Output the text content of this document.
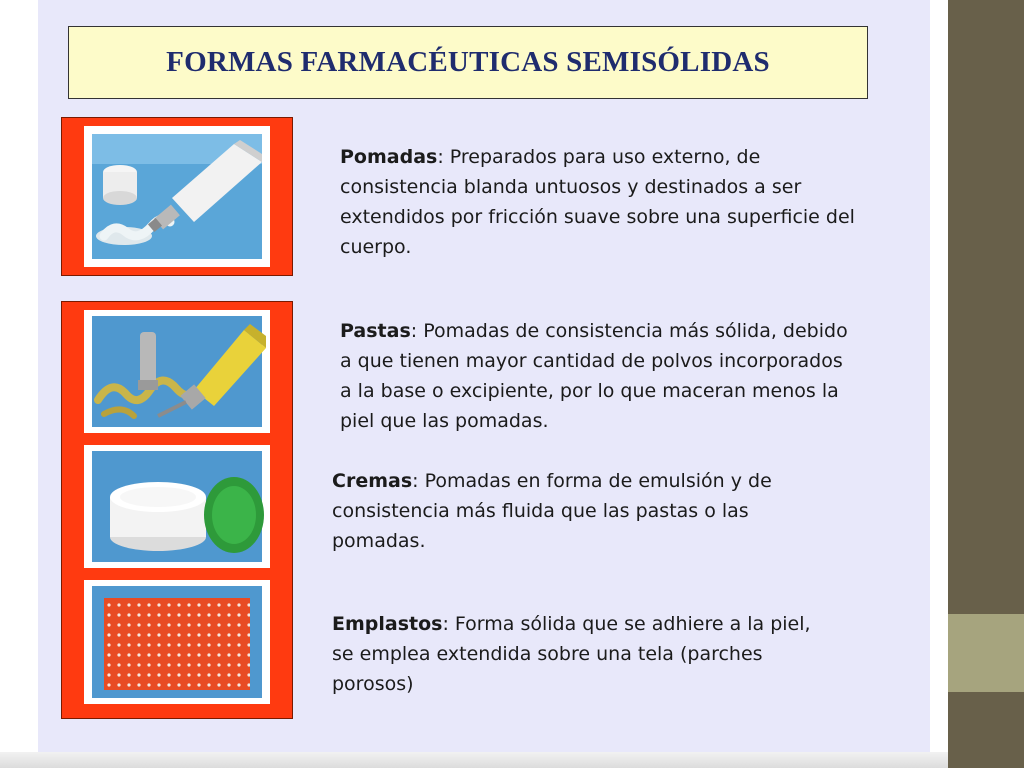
FORMAS FARMACÉUTICAS SEMISÓLIDAS

Pomadas: Preparados para uso externo, de consistencia blanda untuosos y destinados a ser extendidos por fricción suave sobre una superficie del cuerpo.

Pastas: Pomadas de consistencia más sólida, debido a que tienen mayor cantidad de polvos incorporados a la base o excipiente, por lo que maceran menos la piel que las pomadas.

Cremas: Pomadas en forma de emulsión y de consistencia más fluida que las pastas o las pomadas.

Emplastos: Forma sólida que se adhiere a la piel, se emplea extendida sobre una tela (parches porosos)
